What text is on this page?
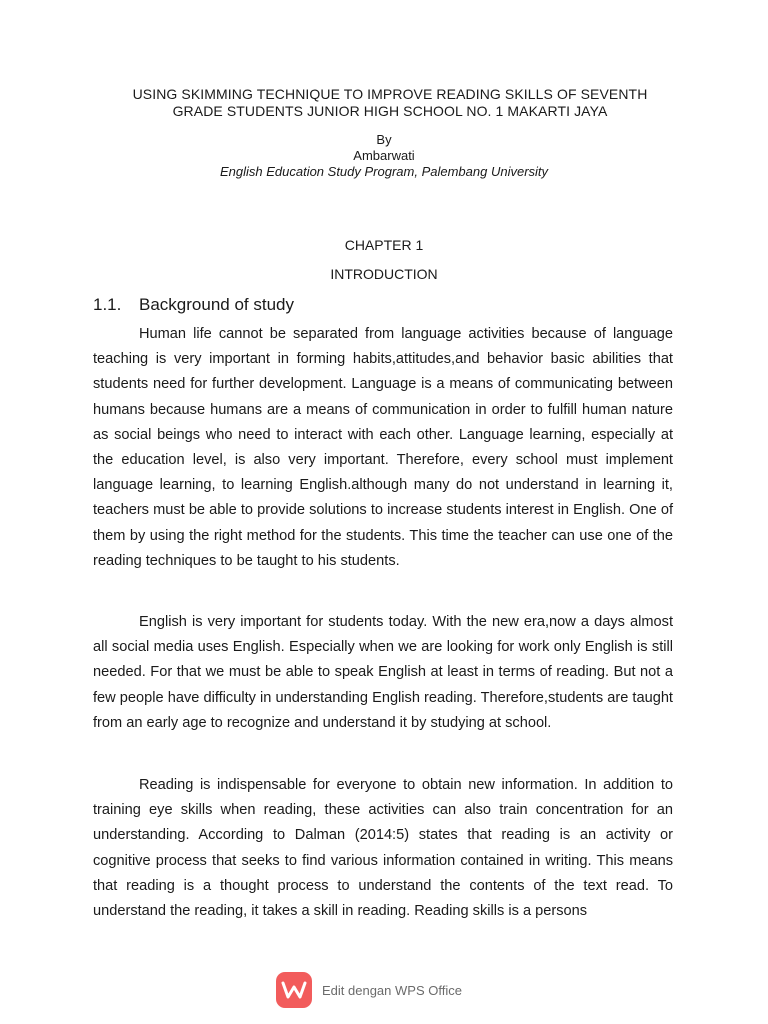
USING SKIMMING TECHNIQUE TO IMPROVE READING SKILLS OF SEVENTH
GRADE STUDENTS JUNIOR HIGH SCHOOL NO. 1 MAKARTI JAYA
By
Ambarwati
English Education Study Program, Palembang University
CHAPTER 1
INTRODUCTION
1.1. Background of study

Human life cannot be separated from language activities because of language teaching is very important in forming habits,attitudes,and behavior basic abilities that students need for further development. Language is a means of communicating between humans because humans are a means of communication in order to fulfill human nature as social beings who need to interact with each other. Language learning, especially at the education level, is also very important. Therefore, every school must implement language learning, to learning English.although many do not understand in learning it, teachers must be able to provide solutions to increase students interest in English. One of them by using the right method for the students. This time the teacher can use one of the reading techniques to be taught to his students.

English is very important for students today. With the new era,now a days almost all social media uses English. Especially when we are looking for work only English is still needed. For that we must be able to speak English at least in terms of reading. But not a few people have difficulty in understanding English reading. Therefore,students are taught from an early age to recognize and understand it by studying at school.

Reading is indispensable for everyone to obtain new information. In addition to training eye skills when reading, these activities can also train concentration for an understanding. According to Dalman (2014:5) states that reading is an activity or cognitive process that seeks to find various information contained in writing. This means that reading is a thought process to understand the contents of the text read. To understand the reading, it takes a skill in reading. Reading skills is a persons

Edit dengan WPS Office
